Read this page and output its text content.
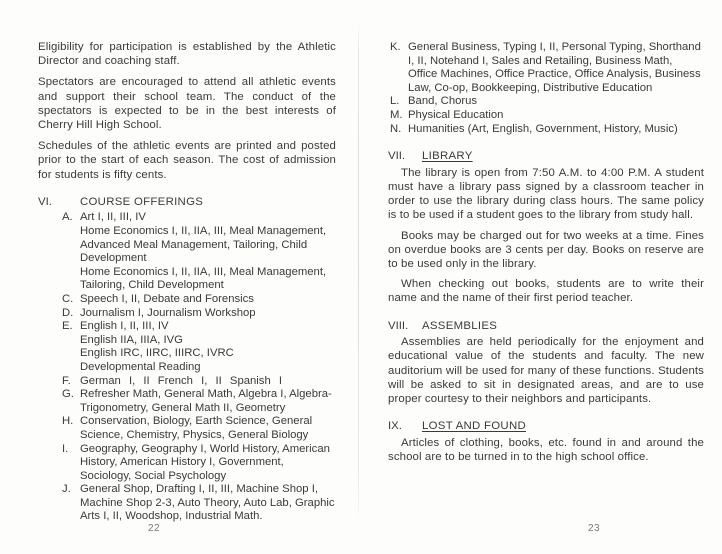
Eligibility for participation is established by the Athletic Director and coaching staff.

Spectators are encouraged to attend all athletic events and support their school team. The conduct of the spectators is expected to be in the best interests of Cherry Hill High School.

Schedules of the athletic events are printed and posted prior to the start of each season. The cost of admission for students is fifty cents.

VI.	COURSE OFFERINGS
A. Art I, II, III, IV
Home Economics I, II, IIA, III, Meal Management, Advanced Meal Management, Tailoring, Child Development
Home Economics I, II, IIA, III, Meal Management, Tailoring, Child Development
C. Speech I, II, Debate and Forensics
D. Journalism I, Journalism Workshop
E. English I, II, III, IV
English IIA, IIIA, IVG
English IRC, IIRC, IIIRC, IVRC
Developmental Reading
F. German I, II French I, II Spanish I
G. Refresher Math, General Math, Algebra I, Algebra-Trigonometry, General Math II, Geometry
H. Conservation, Biology, Earth Science, General Science, Chemistry, Physics, General Biology
I.	Geography, Geography I, World History, American History, American History I, Government, Sociology, Social Psychology
J. General Shop, Drafting I, II, III, Machine Shop I, Machine Shop 2-3, Auto Theory, Auto Lab, Graphic Arts I, II, Woodshop, Industrial Math.
22
K. General Business, Typing I, II, Personal Typing, Shorthand I, II, Notehand I, Sales and Retailing, Business Math, Office Machines, Office Practice, Office Analysis, Business Law, Co-op, Bookkeeping, Distributive Education
L. Band, Chorus
M. Physical Education
N. Humanities (Art, English, Government, History, Music)
VII.	LIBRARY

The library is open from 7:50 A.M. to 4:00 P.M. A student must have a library pass signed by a classroom teacher in order to use the library during class hours. The same policy is to be used if a student goes to the library from study hall.

Books may be charged out for two weeks at a time. Fines on overdue books are 3 cents per day. Books on reserve are to be used only in the library.

When checking out books, students are to write their name and the name of their first period teacher.

VIII.	ASSEMBLIES

Assemblies are held periodically for the enjoyment and educational value of the students and faculty. The new auditorium will be used for many of these functions. Students will be asked to sit in designated areas, and are to use proper courtesy to their neighbors and participants.

IX.	LOST AND FOUND

Articles of clothing, books, etc. found in and around the school are to be turned in to the high school office.

23
